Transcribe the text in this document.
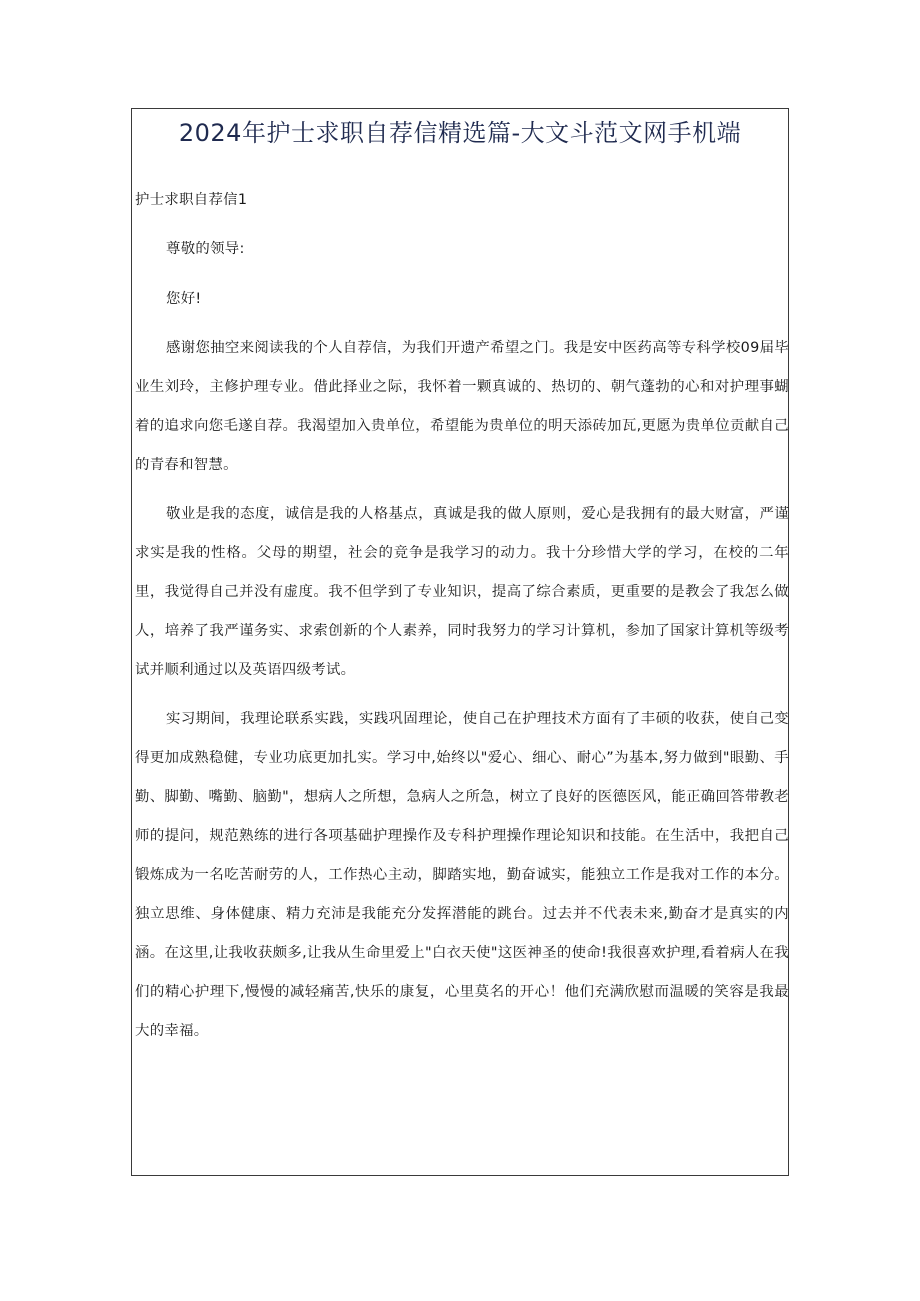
2024年护士求职自荐信精选篇-大文斗范文网手机端

护士求职自荐信1

尊敬的领导:

您好!

感谢您抽空来阅读我的个人自荐信，为我们开遗产希望之门。我是安中医药高等专科学校09届毕业生刘玲，主修护理专业。借此择业之际，我怀着一颗真诚的、热切的、朝气蓬勃的心和对护理事蝴着的追求向您毛遂自荐。我渴望加入贵单位，希望能为贵单位的明天添砖加瓦,更愿为贵单位贡献自己的青春和智慧。

敬业是我的态度，诚信是我的人格基点，真诚是我的做人原则，爱心是我拥有的最大财富，严谨求实是我的性格。父母的期望，社会的竞争是我学习的动力。我十分珍惜大学的学习，在校的二年里，我觉得自己并没有虚度。我不但学到了专业知识，提高了综合素质，更重要的是教会了我怎么做人，培养了我严谨务实、求索创新的个人素养，同时我努力的学习计算机，参加了国家计算机等级考试并顺利通过以及英语四级考试。

实习期间，我理论联系实践，实践巩固理论，使自己在护理技术方面有了丰硕的收获，使自己变得更加成熟稳健，专业功底更加扎实。学习中,始终以"爱心、细心、耐心”为基本,努力做到"眼勤、手勤、脚勤、嘴勤、脑勤"，想病人之所想，急病人之所急，树立了良好的医德医风，能正确回答带教老师的提问，规范熟练的进行各项基础护理操作及专科护理操作理论知识和技能。在生活中，我把自己锻炼成为一名吃苦耐劳的人，工作热心主动，脚踏实地，勤奋诚实，能独立工作是我对工作的本分。独立思维、身体健康、精力充沛是我能充分发挥潜能的跳台。过去并不代表未来,勤奋才是真实的内涵。在这里,让我收获颇多,让我从生命里爱上"白衣天使"这医神圣的使命!我很喜欢护理,看着病人在我们的精心护理下,慢慢的减轻痛苦,快乐的康复，心里莫名的开心！他们充满欣慰而温暖的笑容是我最大的幸福。
